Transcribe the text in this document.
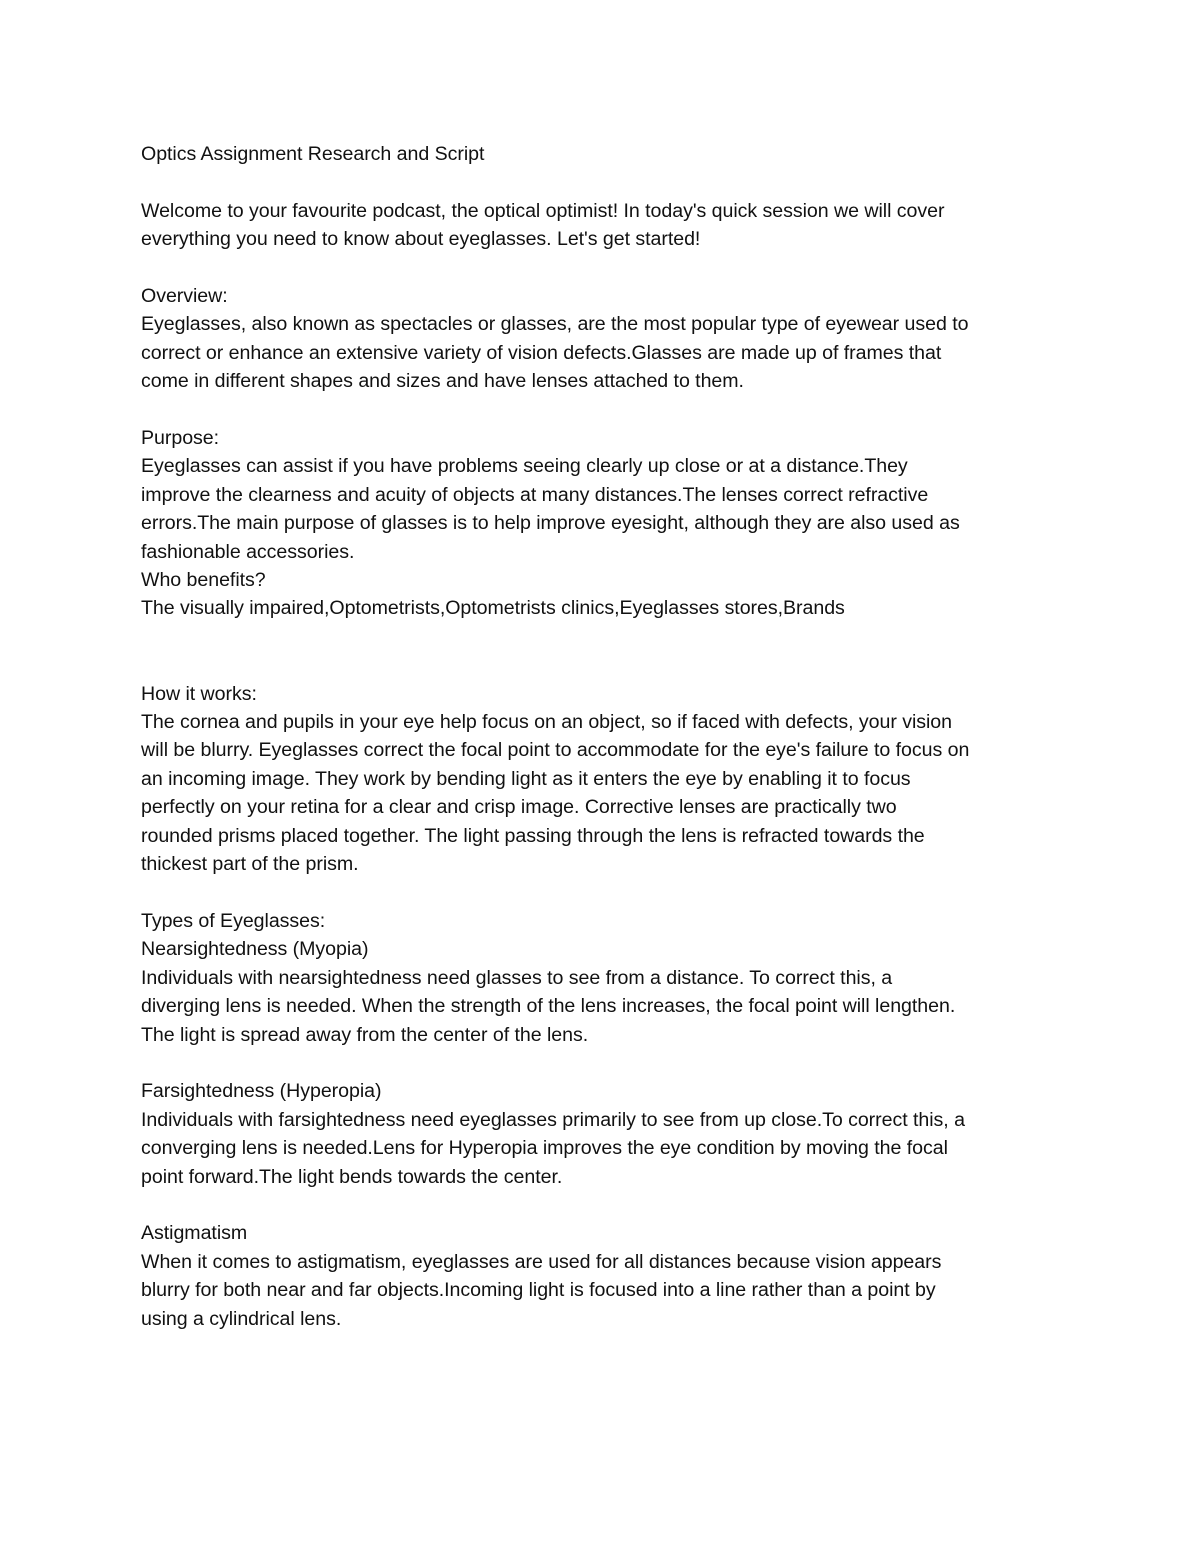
Optics Assignment Research and Script
Welcome to your favourite podcast, the optical optimist! In today's quick session we will cover
everything you need to know about eyeglasses. Let's get started!
Overview:
Eyeglasses, also known as spectacles or glasses, are the most popular type of eyewear used to
correct or enhance an extensive variety of vision defects.Glasses are made up of frames that
come in different shapes and sizes and have lenses attached to them.
Purpose:
Eyeglasses can assist if you have problems seeing clearly up close or at a distance.They
improve the clearness and acuity of objects at many distances.The lenses correct refractive
errors.The main purpose of glasses is to help improve eyesight, although they are also used as
fashionable accessories.
Who benefits?
The visually impaired,Optometrists,Optometrists clinics,Eyeglasses stores,Brands
How it works:
The cornea and pupils in your eye help focus on an object, so if faced with defects, your vision
will be blurry. Eyeglasses correct the focal point to accommodate for the eye's failure to focus on
an incoming image. They work by bending light as it enters the eye by enabling it to focus
perfectly on your retina for a clear and crisp image. Corrective lenses are practically two
rounded prisms placed together. The light passing through the lens is refracted towards the
thickest part of the prism.
Types of Eyeglasses:
Nearsightedness (Myopia)
Individuals with nearsightedness need glasses to see from a distance. To correct this, a
diverging lens is needed. When the strength of the lens increases, the focal point will lengthen.
The light is spread away from the center of the lens.
Farsightedness (Hyperopia)
Individuals with farsightedness need eyeglasses primarily to see from up close.To correct this, a
converging lens is needed.Lens for Hyperopia improves the eye condition by moving the focal
point forward.The light bends towards the center.
Astigmatism
When it comes to astigmatism, eyeglasses are used for all distances because vision appears
blurry for both near and far objects.Incoming light is focused into a line rather than a point by
using a cylindrical lens.
